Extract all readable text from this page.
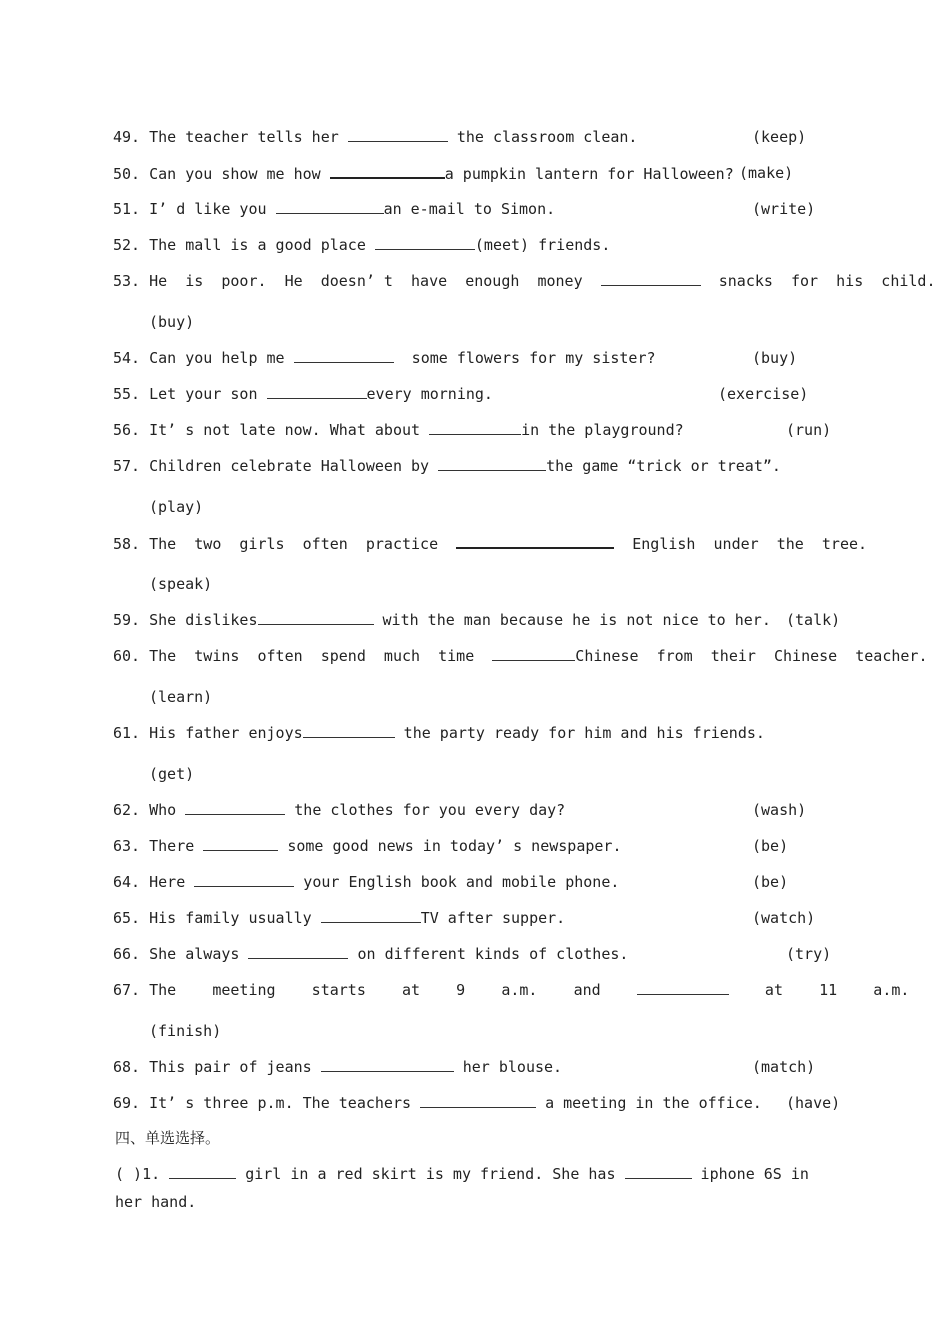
49. The teacher tells her	the classroom clean.	(keep)
50. Can you show me how	a pumpkin lantern for Halloween? (make)
51. I’ d like you	an e-mail to Simon.	(write)
52. The mall is a good place	(meet) friends.
53. He  is  poor.  He  doesn’ t  have  enough  money	snacks  for  his  child.
(buy)
54. Can you help me	some flowers for my sister?	(buy)
55. Let your son	every morning.	(exercise)
56. It’ s not late now. What about	in the playground?	(run)
57. Children celebrate Halloween by	the game “trick or treat”.
(play)
58. The  two  girls  often  practice	English  under  the  tree.
(speak)
59. She dislikes	with the man because he is not nice to her. (talk)
60. The  twins  often  spend  much  time	Chinese  from  their  Chinese  teacher.
(learn)
61. His father enjoys	the party ready for him and his friends.
(get)
62. Who	the clothes for you every day?	(wash)
63. There	some good news in today’ s newspaper.	(be)
64. Here	your English book and mobile phone.	(be)
65. His family usually	TV after supper.	(watch)
66. She always	on different kinds of clothes.	(try)
67. The    meeting    starts    at    9    a.m.    and	at    11    a.m.
(finish)
68. This pair of jeans	her blouse.	(match)
69. It’ s three p.m. The teachers	a meeting in the office. (have)
四、单选选择。
( )1.	girl in a red skirt is my friend. She has	iphone 6S in her hand.
